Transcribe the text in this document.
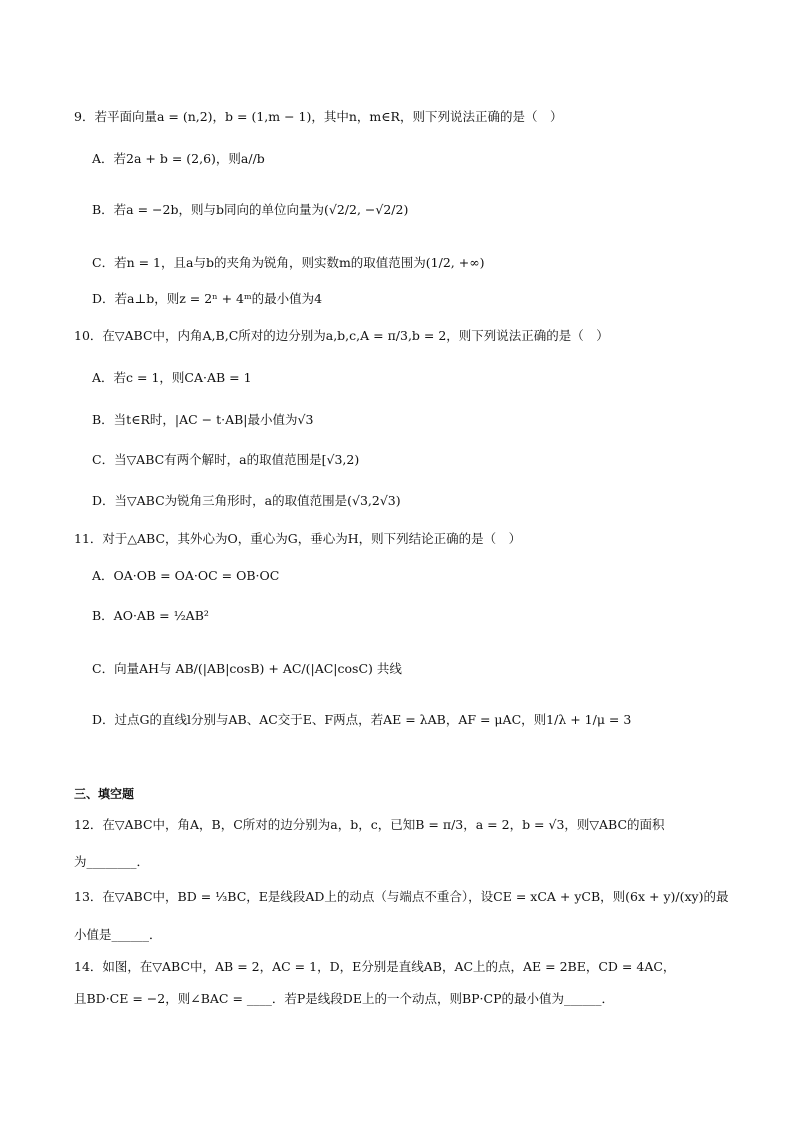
9．若平面向量a = (n,2)，b = (1,m − 1)，其中n，m∈R，则下列说法正确的是（　）
A．若2a + b = (2,6)，则a//b
B．若a = −2b，则与b同向的单位向量为(√2/2, −√2/2)
C．若n = 1，且a与b的夹角为锐角，则实数m的取值范围为(1/2, +∞)
D．若a⊥b，则z = 2ⁿ + 4ᵐ的最小值为4
10．在▽ABC中，内角A,B,C所对的边分别为a,b,c,A = π/3,b = 2，则下列说法正确的是（　）
A．若c = 1，则CA·AB = 1
B．当t∈R时，|AC − t·AB|最小值为√3
C．当▽ABC有两个解时，a的取值范围是[√3,2)
D．当▽ABC为锐角三角形时，a的取值范围是(√3,2√3)
11．对于△ABC，其外心为O，重心为G，垂心为H，则下列结论正确的是（　）
A．OA·OB = OA·OC = OB·OC
B．AO·AB = ½AB²
C．向量AH与 AB/(|AB|cosB) + AC/(|AC|cosC) 共线
D．过点G的直线l分别与AB、AC交于E、F两点，若AE = λAB，AF = μAC，则1/λ + 1/μ = 3
三、填空题
12．在▽ABC中，角A，B，C所对的边分别为a，b，c，已知B = π/3，a = 2，b = √3，则▽ABC的面积
为________．
13．在▽ABC中，BD = ⅓BC，E是线段AD上的动点（与端点不重合），设CE = xCA + yCB，则(6x + y)/(xy)的最
小值是______．
14．如图，在▽ABC中，AB = 2，AC = 1，D，E分别是直线AB，AC上的点，AE = 2BE，CD = 4AC，
且BD·CE = −2，则∠BAC = ____．若P是线段DE上的一个动点，则BP·CP的最小值为______．
